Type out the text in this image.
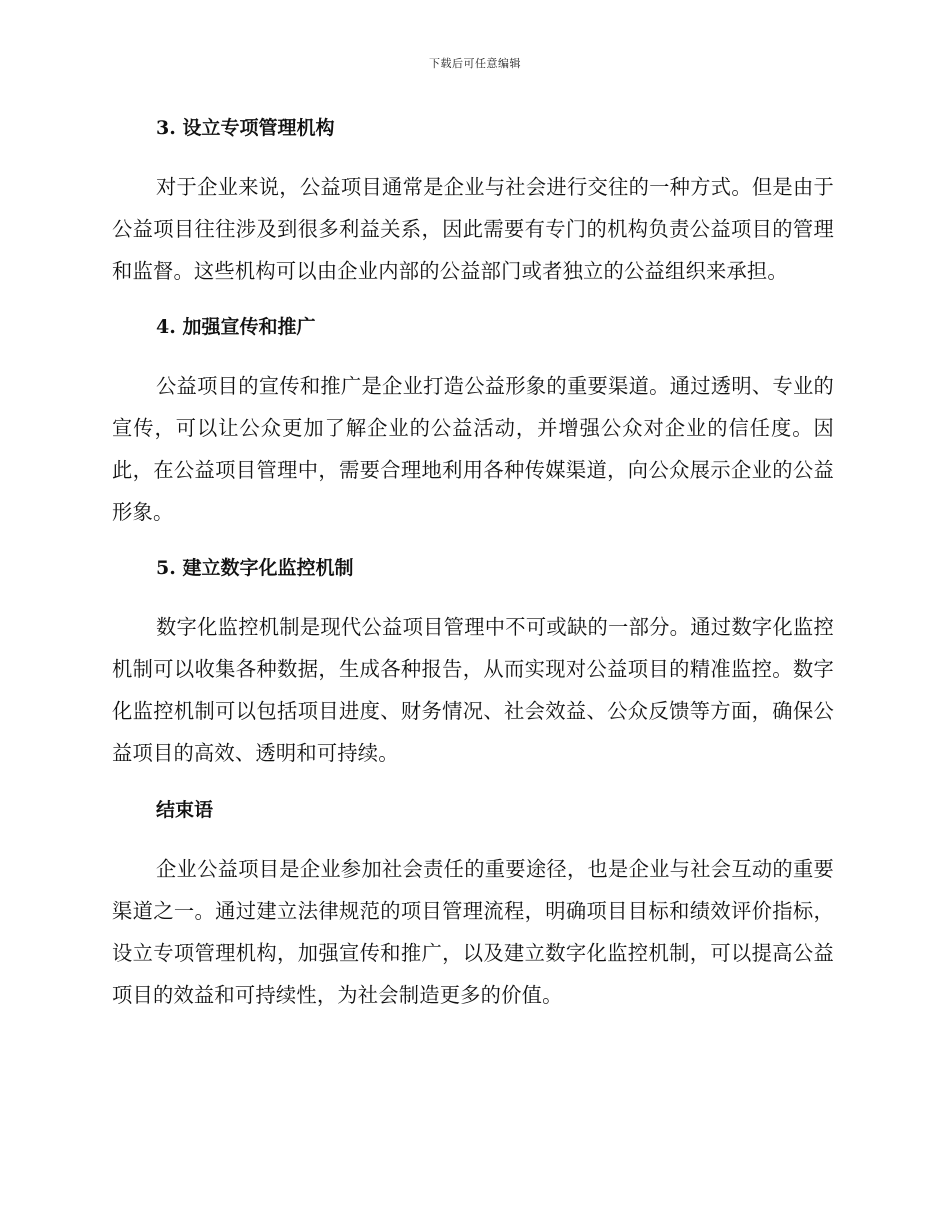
下载后可任意编辑
3. 设立专项管理机构

对于企业来说，公益项目通常是企业与社会进行交往的一种方式。但是由于公益项目往往涉及到很多利益关系，因此需要有专门的机构负责公益项目的管理和监督。这些机构可以由企业内部的公益部门或者独立的公益组织来承担。

4. 加强宣传和推广

公益项目的宣传和推广是企业打造公益形象的重要渠道。通过透明、专业的宣传，可以让公众更加了解企业的公益活动，并增强公众对企业的信任度。因此，在公益项目管理中，需要合理地利用各种传媒渠道，向公众展示企业的公益形象。

5. 建立数字化监控机制

数字化监控机制是现代公益项目管理中不可或缺的一部分。通过数字化监控机制可以收集各种数据，生成各种报告，从而实现对公益项目的精准监控。数字化监控机制可以包括项目进度、财务情况、社会效益、公众反馈等方面，确保公益项目的高效、透明和可持续。

结束语

企业公益项目是企业参加社会责任的重要途径，也是企业与社会互动的重要渠道之一。通过建立法律规范的项目管理流程，明确项目目标和绩效评价指标，设立专项管理机构，加强宣传和推广，以及建立数字化监控机制，可以提高公益项目的效益和可持续性，为社会制造更多的价值。
